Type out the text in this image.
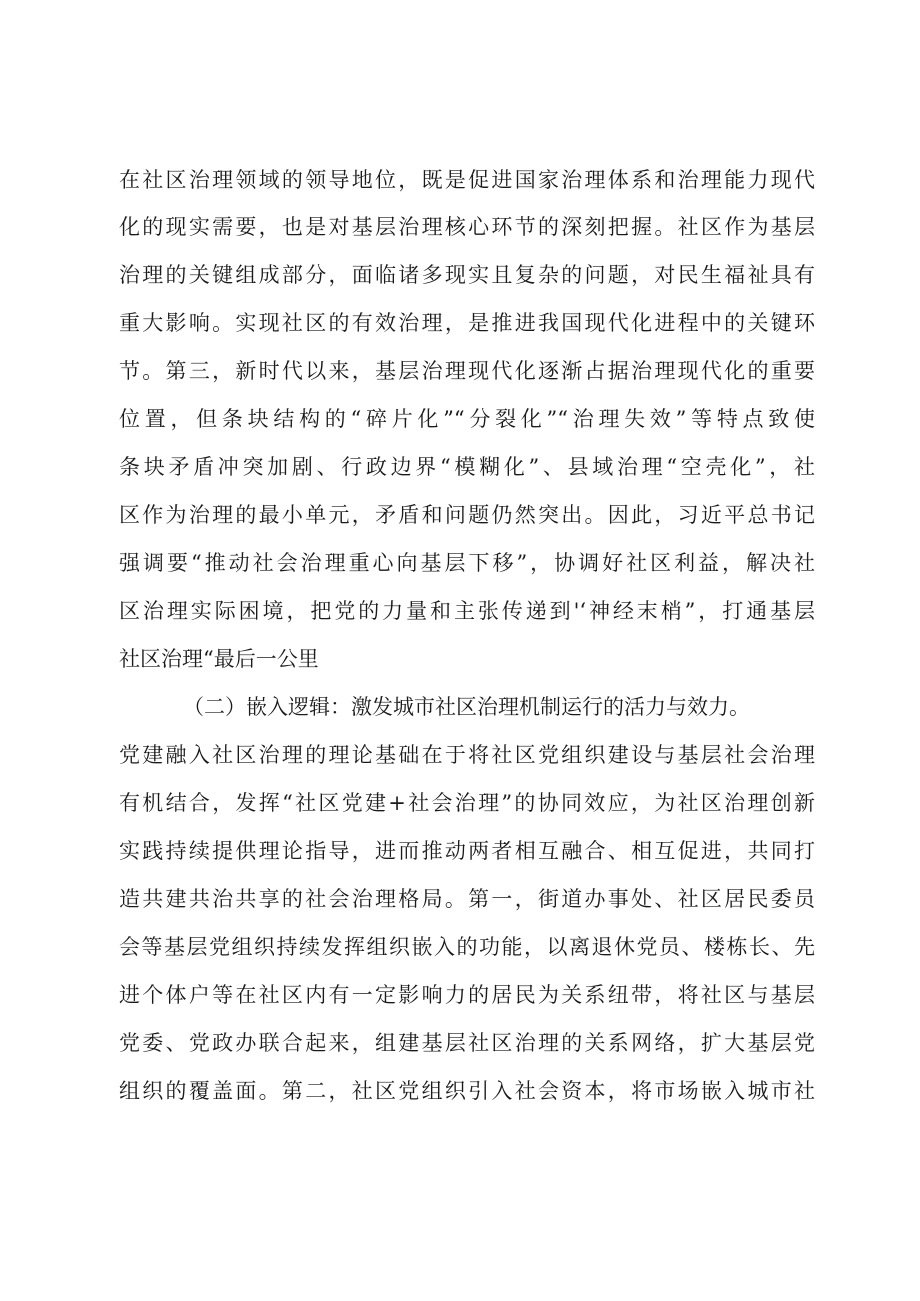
在社区治理领域的领导地位，既是促进国家治理体系和治理能力现代
化的现实需要，也是对基层治理核心环节的深刻把握。社区作为基层
治理的关键组成部分，面临诸多现实且复杂的问题，对民生福祉具有
重大影响。实现社区的有效治理，是推进我国现代化进程中的关键环
节。第三，新时代以来，基层治理现代化逐渐占据治理现代化的重要
位置，但条块结构的“碎片化”“分裂化”“治理失效”等特点致使
条块矛盾冲突加剧、行政边界“模糊化”、县域治理“空壳化”，社
区作为治理的最小单元，矛盾和问题仍然突出。因此，习近平总书记
强调要“推动社会治理重心向基层下移”，协调好社区利益，解决社
区治理实际困境，把党的力量和主张传递到'‘神经末梢”，打通基层
社区治理“最后一公里
（二）嵌入逻辑：激发城市社区治理机制运行的活力与效力。
党建融入社区治理的理论基础在于将社区党组织建设与基层社会治理
有机结合，发挥“社区党建+社会治理”的协同效应，为社区治理创新
实践持续提供理论指导，进而推动两者相互融合、相互促进，共同打
造共建共治共享的社会治理格局。第一，街道办事处、社区居民委员
会等基层党组织持续发挥组织嵌入的功能，以离退休党员、楼栋长、先
进个体户等在社区内有一定影响力的居民为关系纽带，将社区与基层
党委、党政办联合起来，组建基层社区治理的关系网络，扩大基层党
组织的覆盖面。第二，社区党组织引入社会资本，将市场嵌入城市社
